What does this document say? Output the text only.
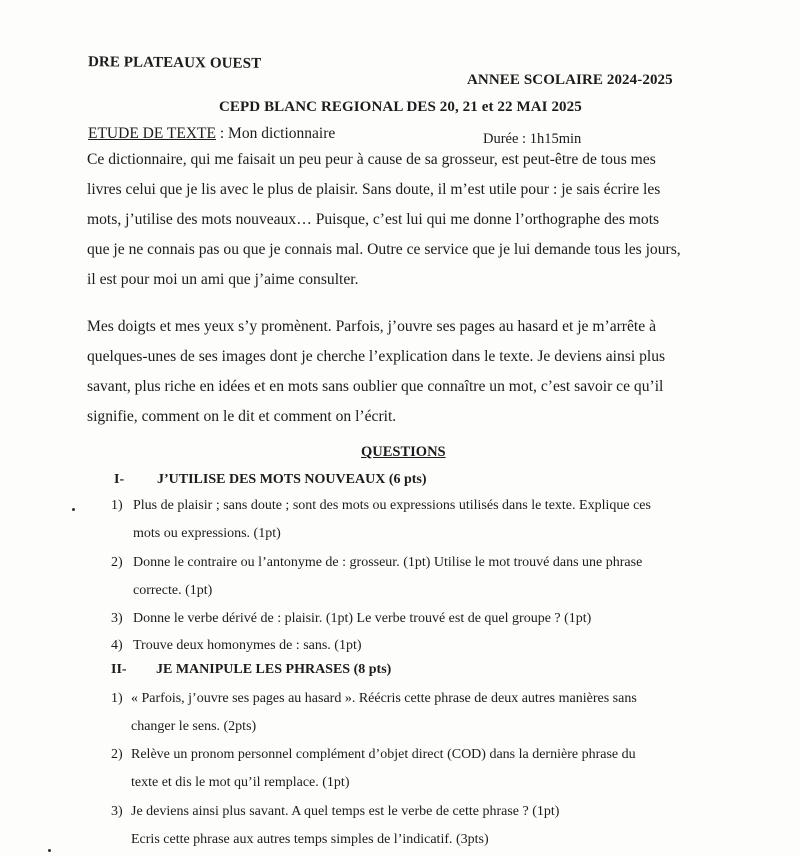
DRE PLATEAUX OUEST
ANNEE SCOLAIRE 2024-2025
CEPD BLANC REGIONAL DES 20, 21 et 22 MAI 2025
ETUDE DE TEXTE : Mon dictionnaire	Durée : 1h15min
Ce dictionnaire, qui me faisait un peu peur à cause de sa grosseur, est peut-être de tous mes
livres celui que je lis avec le plus de plaisir. Sans doute, il m’est utile pour : je sais écrire les
mots, j’utilise des mots nouveaux… Puisque, c’est lui qui me donne l’orthographe des mots
que je ne connais pas ou que je connais mal. Outre ce service que je lui demande tous les jours,
il est pour moi un ami que j’aime consulter.
Mes doigts et mes yeux s’y promènent. Parfois, j’ouvre ses pages au hasard et je m’arrête à
quelques-unes de ses images dont je cherche l’explication dans le texte. Je deviens ainsi plus
savant, plus riche en idées et en mots sans oublier que connaître un mot, c’est savoir ce qu’il
signifie, comment on le dit et comment on l’écrit.
QUESTIONS
I- J’UTILISE DES MOTS NOUVEAUX (6 pts)
1) Plus de plaisir ; sans doute ; sont des mots ou expressions utilisés dans le texte. Explique ces
mots ou expressions. (1pt)
2) Donne le contraire ou l’antonyme de : grosseur. (1pt) Utilise le mot trouvé dans une phrase
correcte. (1pt)
3) Donne le verbe dérivé de : plaisir. (1pt) Le verbe trouvé est de quel groupe ? (1pt)
4) Trouve deux homonymes de : sans. (1pt)
II- JE MANIPULE LES PHRASES (8 pts)
1) « Parfois, j’ouvre ses pages au hasard ». Réécris cette phrase de deux autres manières sans
changer le sens. (2pts)
2) Relève un pronom personnel complément d’objet direct (COD) dans la dernière phrase du
texte et dis le mot qu’il remplace. (1pt)
3) Je deviens ainsi plus savant. A quel temps est le verbe de cette phrase ? (1pt)
Ecris cette phrase aux autres temps simples de l’indicatif. (3pts)
